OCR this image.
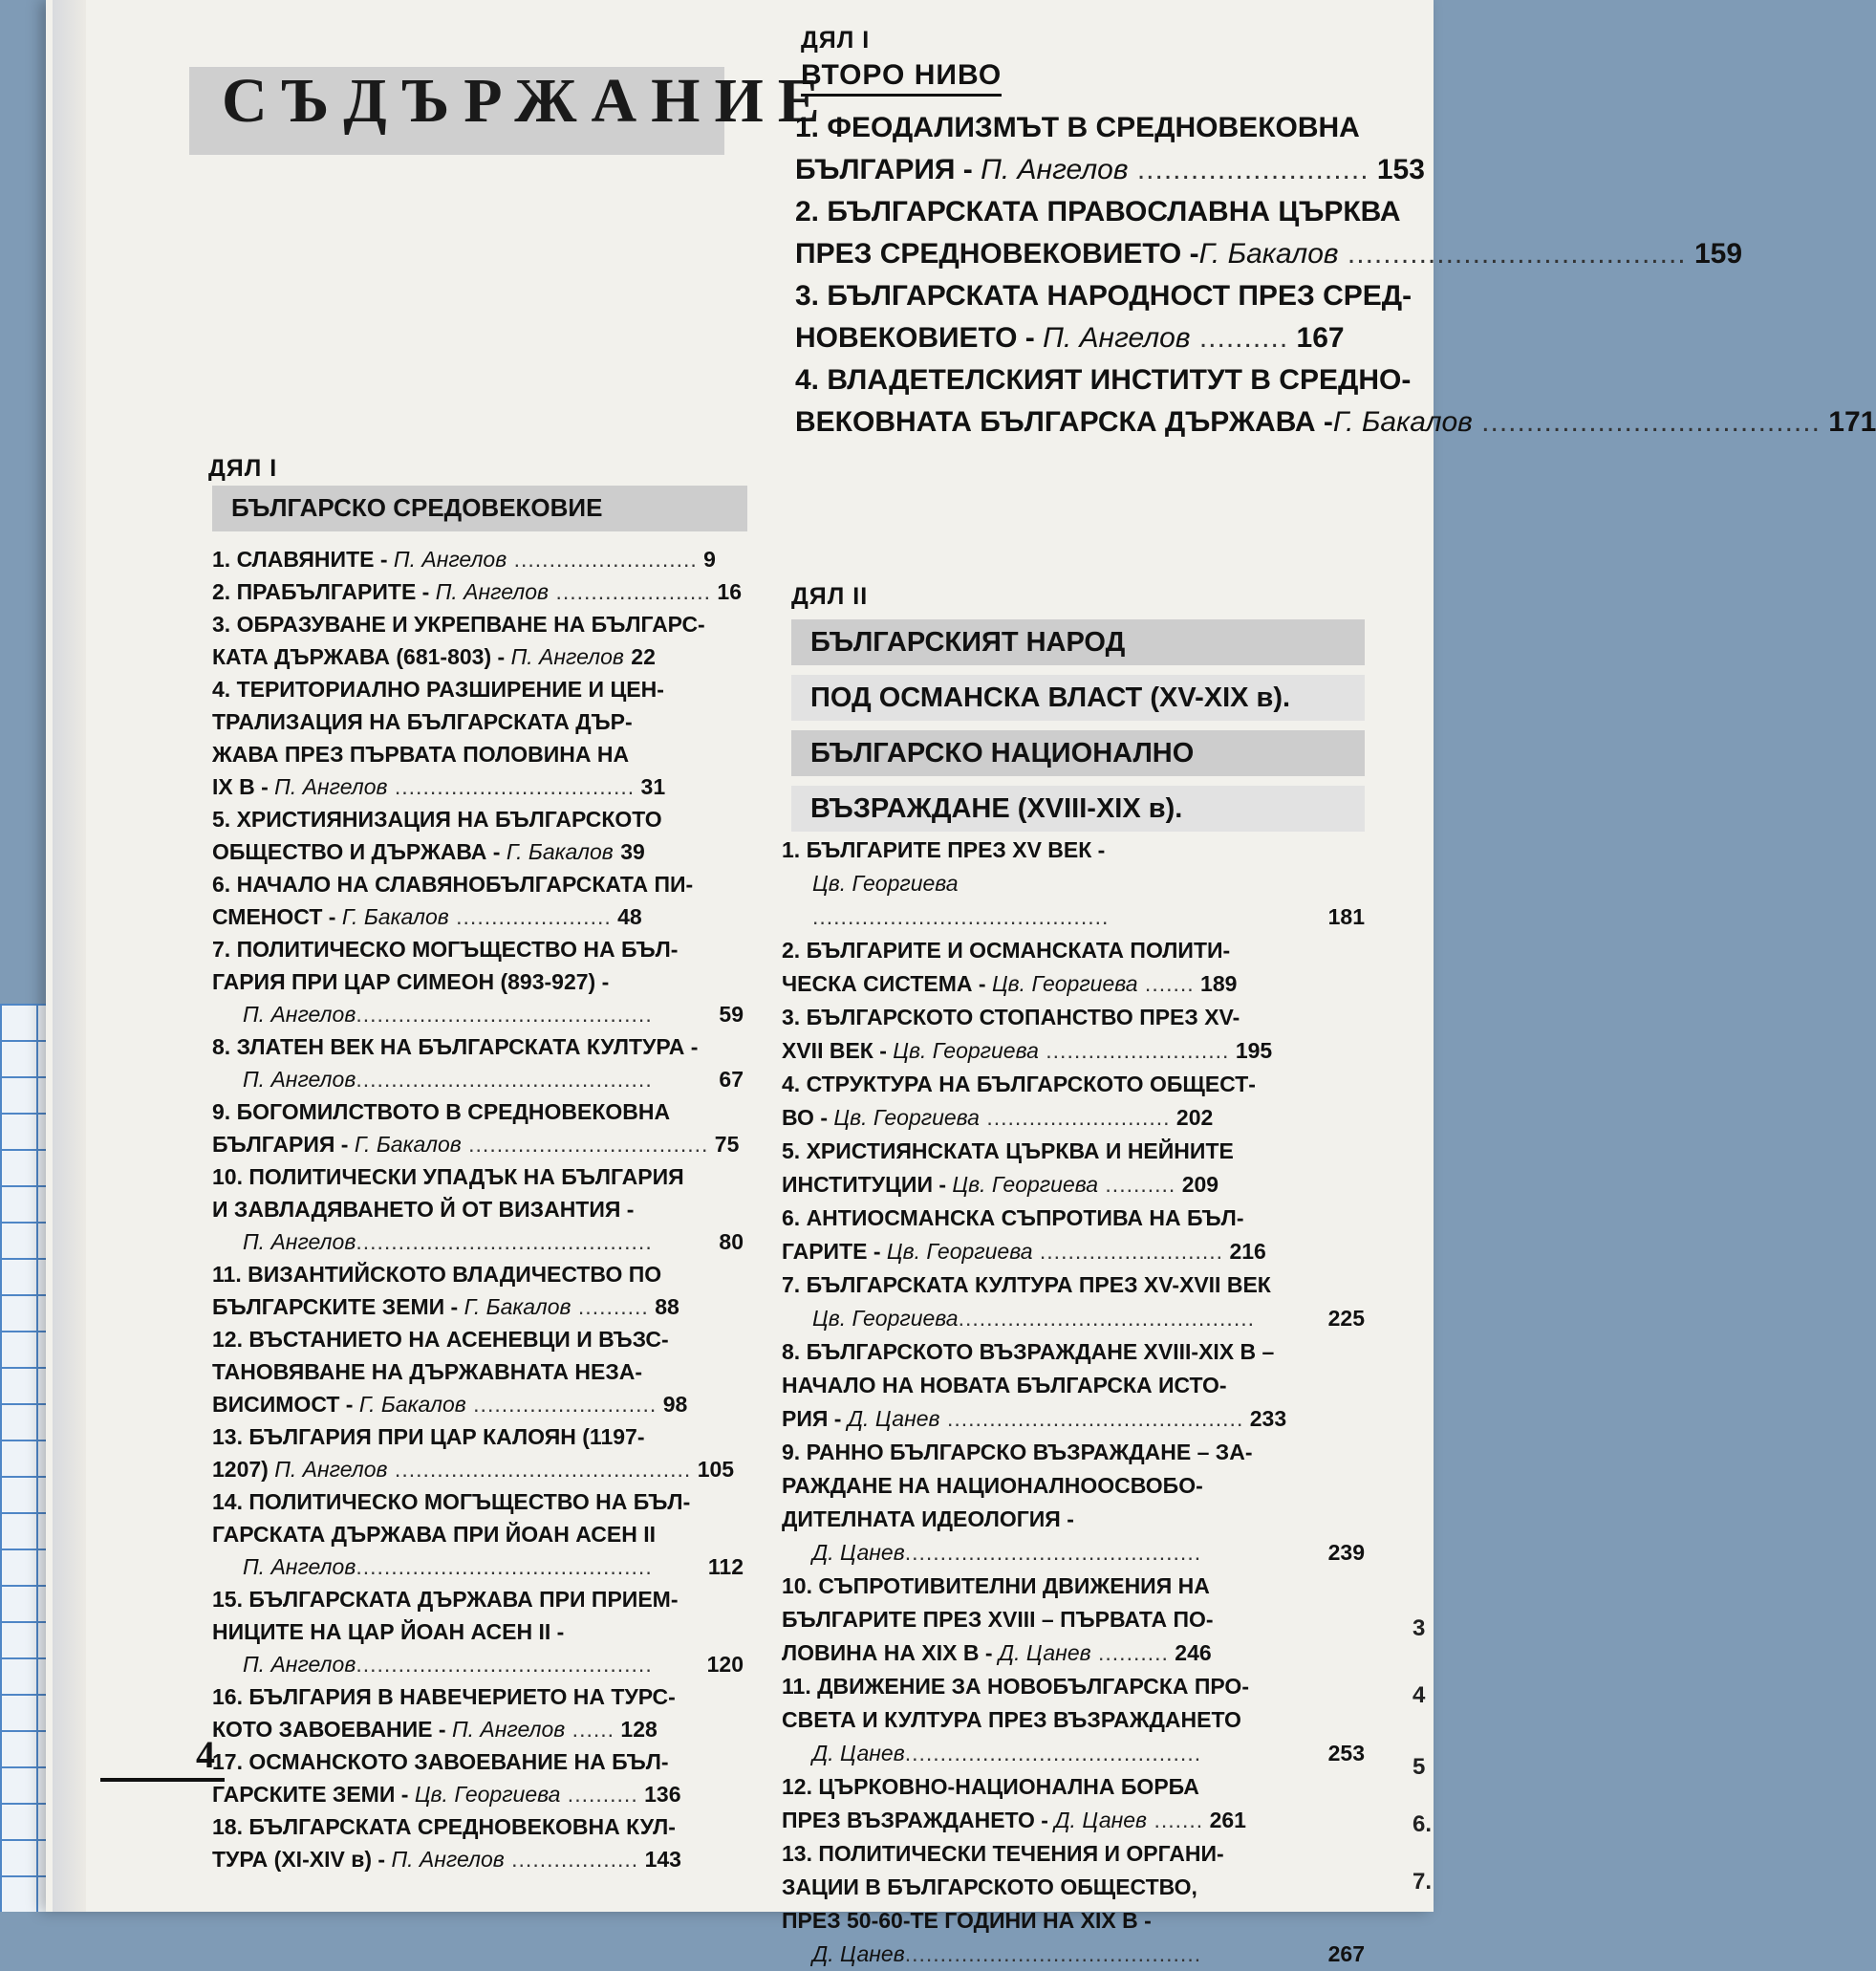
СЪДЪРЖАНИЕ
ДЯЛ I
ВТОРО НИВО
1. ФЕОДАЛИЗМЪТ В СРЕДНОВЕКОВНА
БЪЛГАРИЯ - П. Ангелов .......................... 153
2. БЪЛГАРСКАТА ПРАВОСЛАВНА ЦЪРКВА
ПРЕЗ СРЕДНОВЕКОВИЕТО -Г. Бакалов ...................................... 159
3. БЪЛГАРСКАТА НАРОДНОСТ ПРЕЗ СРЕД-
НОВЕКОВИЕТО - П. Ангелов .......... 167
4. ВЛАДЕТЕЛСКИЯТ ИНСТИТУТ В СРЕДНО-
ВЕКОВНАТА БЪЛГАРСКА ДЪРЖАВА -Г. Бакалов ...................................... 171
ДЯЛ I
БЪЛГАРСКО СРЕДОВЕКОВИЕ
1. СЛАВЯНИТЕ - П. Ангелов .......................... 9
2. ПРАБЪЛГАРИТЕ - П. Ангелов ...................... 16
3. ОБРАЗУВАНЕ И УКРЕПВАНЕ НА БЪЛГАРС-
КАТА ДЪРЖАВА (681-803) - П. Ангелов 22
4. ТЕРИТОРИАЛНО РАЗШИРЕНИЕ И ЦЕН-
ТРАЛИЗАЦИЯ НА БЪЛГАРСКАТА ДЪР-
ЖАВА ПРЕЗ ПЪРВАТА ПОЛОВИНА НА
IX В - П. Ангелов .................................. 31
5. ХРИСТИЯНИЗАЦИЯ НА БЪЛГАРСКОТО
ОБЩЕСТВО И ДЪРЖАВА - Г. Бакалов 39
6. НАЧАЛО НА СЛАВЯНОБЪЛГАРСКАТА ПИ-
СМЕНОСТ - Г. Бакалов ...................... 48
7. ПОЛИТИЧЕСКО МОГЪЩЕСТВО НА БЪЛ-
ГАРИЯ ПРИ ЦАР СИМЕОН (893-927) -
П. Ангелов ..........................................	59
8. ЗЛАТЕН ВЕК НА БЪЛГАРСКАТА КУЛТУРА -
П. Ангелов ..........................................	67
9. БОГОМИЛСТВОТО В СРЕДНОВЕКОВНА
БЪЛГАРИЯ - Г. Бакалов .................................. 75
10. ПОЛИТИЧЕСКИ УПАДЪК НА БЪЛГАРИЯ
И ЗАВЛАДЯВАНЕТО Й ОТ ВИЗАНТИЯ -
П. Ангелов ..........................................	80
11. ВИЗАНТИЙСКОТО ВЛАДИЧЕСТВО ПО
БЪЛГАРСКИТЕ ЗЕМИ - Г. Бакалов .......... 88
12. ВЪСТАНИЕТО НА АСЕНЕВЦИ И ВЪЗС-
ТАНОВЯВАНЕ НА ДЪРЖАВНАТА НЕЗА-
ВИСИМОСТ - Г. Бакалов .......................... 98
13. БЪЛГАРИЯ ПРИ ЦАР КАЛОЯН (1197-
1207) П. Ангелов .......................................... 105
14. ПОЛИТИЧЕСКО МОГЪЩЕСТВО НА БЪЛ-
ГАРСКАТА ДЪРЖАВА ПРИ ЙОАН АСЕН II
П. Ангелов ..........................................	112
15. БЪЛГАРСКАТА ДЪРЖАВА ПРИ ПРИЕМ-
НИЦИТЕ НА ЦАР ЙОАН АСЕН II -
П. Ангелов ..........................................	120
16. БЪЛГАРИЯ В НАВЕЧЕРИЕТО НА ТУРС-
КОТО ЗАВОЕВАНИЕ - П. Ангелов ...... 128
17. ОСМАНСКОТО ЗАВОЕВАНИЕ НА БЪЛ-
ГАРСКИТЕ ЗЕМИ - Цв. Георгиева .......... 136
18. БЪЛГАРСКАТА СРЕДНОВЕКОВНА КУЛ-
ТУРА (XI-XIV в) - П. Ангелов .................. 143
ДЯЛ II
БЪЛГАРСКИЯТ НАРОД
ПОД ОСМАНСКА ВЛАСТ (XV-XIX в).
БЪЛГАРСКО НАЦИОНАЛНО
ВЪЗРАЖДАНЕ (XVIII-XIX в).
1. БЪЛГАРИТЕ ПРЕЗ XV ВЕК -
Цв. Георгиева
..........................................	181
2. БЪЛГАРИТЕ И ОСМАНСКАТА ПОЛИТИ-
ЧЕСКА СИСТЕМА - Цв. Георгиева ....... 189
3. БЪЛГАРСКОТО СТОПАНСТВО ПРЕЗ XV-
XVII ВЕК - Цв. Георгиева .......................... 195
4. СТРУКТУРА НА БЪЛГАРСКОТО ОБЩЕСТ-
ВО - Цв. Георгиева .......................... 202
5. ХРИСТИЯНСКАТА ЦЪРКВА И НЕЙНИТЕ
ИНСТИТУЦИИ - Цв. Георгиева .......... 209
6. АНТИОСМАНСКА СЪПРОТИВА НА БЪЛ-
ГАРИТЕ - Цв. Георгиева .......................... 216
7. БЪЛГАРСКАТА КУЛТУРА ПРЕЗ XV-XVII ВЕК
Цв. Георгиева ..........................................	225
8. БЪЛГАРСКОТО ВЪЗРАЖДАНЕ XVIII-XIX В –
НАЧАЛО НА НОВАТА БЪЛГАРСКА ИСТО-
РИЯ - Д. Цанев .......................................... 233
9. РАННО БЪЛГАРСКО ВЪЗРАЖДАНЕ – ЗА-
РАЖДАНЕ НА НАЦИОНАЛНООСВОБО-
ДИТЕЛНАТА ИДЕОЛОГИЯ -
Д. Цанев ..........................................	239
10. СЪПРОТИВИТЕЛНИ ДВИЖЕНИЯ НА
БЪЛГАРИТЕ ПРЕЗ XVIII – ПЪРВАТА ПО-
ЛОВИНА НА XIX В - Д. Цанев .......... 246
11. ДВИЖЕНИЕ ЗА НОВОБЪЛГАРСКА ПРО-
СВЕТА И КУЛТУРА ПРЕЗ ВЪЗРАЖДАНЕТО
Д. Цанев ..........................................	253
12. ЦЪРКОВНО-НАЦИОНАЛНА БОРБА
ПРЕЗ ВЪЗРАЖДАНЕТО - Д. Цанев ....... 261
13. ПОЛИТИЧЕСКИ ТЕЧЕНИЯ И ОРГАНИ-
ЗАЦИИ В БЪЛГАРСКОТО ОБЩЕСТВО,
ПРЕЗ 50-60-ТЕ ГОДИНИ НА XIX В -
Д. Цанев ..........................................	267
4
3
4
5
6.
7.
